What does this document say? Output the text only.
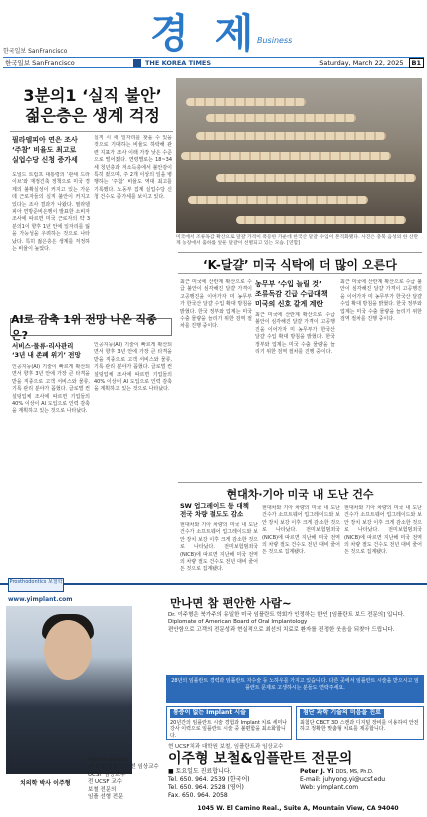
경 제
Business
한국일보 SanFrancisco
한국일보 SanFrancisco	THE KOREA TIMES	Saturday, March 22, 2025	B1
3분의1 ‘실직 불안’
젊은층은 생계 걱정
필라델피아 연은 조사
‘주참’ 비율도 최고로
실업수당 신청 증가세
도널드 트럼프 대통령의 ‘관세 드라이브’와 재정긴축 정책으로 미국 경제의 불확실성이 커지고 있는 가운데 근로자들의 실직 불안이 커지고 있다는 조사 결과가 나왔다. 필라델피아 연방준비은행이 발표한 소비자 조사에 따르면 미국 근로자의 약 3분의1이 향후 1년 안에 일자리를 잃을 가능성을 우려하는 것으로 나타났다. 특히 젊은층은 생계를 걱정하는 비율이 높았다.
실직 시 새 일자리를 찾을 수 있을 것으로 기대하는 비율도 하락해 관련 지표가 조사 이래 가장 낮은 수준으로 떨어졌다. 연령별로는 18~34세 청년층과 저소득층에서 불안감이 특히 컸으며, 주 2개 이상의 일을 병행하는 ‘주참’ 비율도 역대 최고를 기록했다. 노동부 집계 실업수당 신청 건수도 증가세를 보이고 있다.
미국에서 조류독감 확산으로 달걀 가격이 폭등한 가운데 한국산 달걀 수입이 본격화됐다. 사진은 충북 음성의 한 산란계 농장에서 출하를 앞둔 달걀이 선별되고 있는 모습. [연합]
‘K-달걀’ 미국 식탁에 더 많이 오른다
농무부 ‘수입 늘릴 것’
조류독감 긴급 수급대책
미국의 신호 같게 계란
최근 미국에 산란계 확산으로 수급 불안이 심각해진 달걀 가격이 고공행진을 이어가자 미 농무부가 한국산 달걀 수입 확대 방침을 밝혔다. 한국 정부와 업계는 미국 수출 물량을 늘리기 위한 검역 절차를 진행 중이다.
최근 미국에 산란계 확산으로 수급 불안이 심각해진 달걀 가격이 고공행진을 이어가자 미 농무부가 한국산 달걀 수입 확대 방침을 밝혔다. 한국 정부와 업계는 미국 수출 물량을 늘리기 위한 검역 절차를 진행 중이다.
최근 미국에 산란계 확산으로 수급 불안이 심각해진 달걀 가격이 고공행진을 이어가자 미 농무부가 한국산 달걀 수입 확대 방침을 밝혔다. 한국 정부와 업계는 미국 수출 물량을 늘리기 위한 검역 절차를 진행 중이다.
AI로 감축 1위 전망 나온 직종은?
서비스·물류·리사관리
‘3년 내 존폐 위기’ 전망
인공지능(AI) 기술이 빠르게 확산되면서 향후 3년 안에 가장 큰 타격을 받을 직종으로 고객 서비스와 물류, 기록 관리 분야가 꼽혔다. 글로벌 컨설팅업체 조사에 따르면 기업들의 40% 이상이 AI 도입으로 인력 감축을 계획하고 있는 것으로 나타났다.
인공지능(AI) 기술이 빠르게 확산되면서 향후 3년 안에 가장 큰 타격을 받을 직종으로 고객 서비스와 물류, 기록 관리 분야가 꼽혔다. 글로벌 컨설팅업체 조사에 따르면 기업들의 40% 이상이 AI 도입으로 인력 감축을 계획하고 있는 것으로 나타났다.
현대차·기아 미국 내 도난 건수
SW 업그레이드 등 대책
전국 차량 절도도 감소
현대차와 기아 차량의 미국 내 도난 건수가 소프트웨어 업그레이드와 보안 장치 보강 이후 크게 감소한 것으로 나타났다. 전미보험범죄국(NICB)에 따르면 지난해 미국 전역의 차량 절도 건수도 전년 대비 줄어든 것으로 집계됐다.
현대차와 기아 차량의 미국 내 도난 건수가 소프트웨어 업그레이드와 보안 장치 보강 이후 크게 감소한 것으로 나타났다. 전미보험범죄국(NICB)에 따르면 지난해 미국 전역의 차량 절도 건수도 전년 대비 줄어든 것으로 집계됐다.
현대차와 기아 차량의 미국 내 도난 건수가 소프트웨어 업그레이드와 보안 장치 보강 이후 크게 감소한 것으로 나타났다. 전미보험범죄국(NICB)에 따르면 지난해 미국 전역의 차량 절도 건수도 전년 대비 줄어든 것으로 집계됐다.
Prosthodontics 보철학
www.yimplant.com
치의학 박사 이주형
Prosthodontist
전 보철 임플란트 전 임상교수
UCSF 임상교수
전 UCSF 교수
보철 전문의
임플 선형 전문
만나면 참 편안한 사람~
Dr. 이주형은 북가주의 유일한 미국 임플란트 학회가 인정하는 한인 [임플란트 보드 전문의] 입니다.
Diplomate of American Board of Oral Implantology
편안함으로 고객의 전문성과 현실적으로 최선의 치료로 환자를 진정한 웃음을 되찾아 드립니다.
28년의 임플란트 경력과 임플란트 자수술 등 노하우를 가지고 있습니다. 다른 곳에서 임플란트 시술을 받으시고 임플란트 문제로 고생하시는 분들도 연락주세요.
통증이 없는 Implant 시술
20년간의 임플란트 시술 경험과 Implant 치료 세미나 강사 이력으로 임플란트 시술 중 불편함을 최소화합니다.
첨단 과학 기술의 미음을 진료
최첨단 CBCT 3D 스캔과 디지털 장비를 이용하여 안전하고 정확한 맞춤형 치료를 제공합니다.
현 UCSF치과 대학원 보철, 임플란트과 임상교수
이주형 보철&임플란트 전문의
■ 토요일도 진료합니다.
Tel. 650. 964. 2539 (한국어)
Tel. 650. 964. 2528 (영어)
Fax. 650. 964. 2058
Peter J. Yi DDS, MS, Ph.D.
E-mail: juhyong.yi@ucsf.edu
Web: yimplant.com
1045 W. El Camino Real., Suite A, Mountain View, CA 94040
